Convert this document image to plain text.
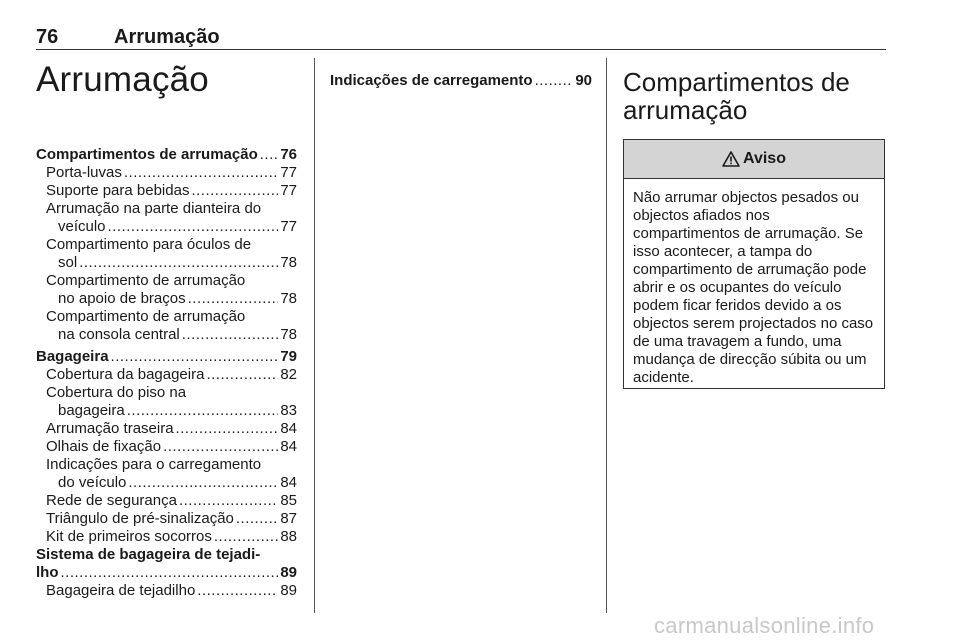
76	Arrumação
Arrumação
Compartimentos de arrumação ..... 76
Porta-luvas .....	77
Suporte para bebidas .....	77
Arrumação na parte dianteira do
veículo .....	77
Compartimento para óculos de
sol .....	78
Compartimento de arrumação
no apoio de braços .....	78
Compartimento de arrumação
na consola central .....	78
Bagageira .....	79
Cobertura da bagageira .....	82
Cobertura do piso na
bagageira .....	83
Arrumação traseira .....	84
Olhais de fixação .....	84
Indicações para o carregamento
do veículo .....	84
Rede de segurança .....	85
Triângulo de pré-sinalização .....	87
Kit de primeiros socorros .....	88
Sistema de bagageira de tejadi-
lho .....	89
Bagageira de tejadilho .....	89
Indicações de carregamento .....	90 Compartimentos de arrumação
Aviso

Não arrumar objectos pesados ou objectos afiados nos compartimentos de arrumação. Se isso acontecer, a tampa do compartimento de arrumação pode abrir e os ocupantes do veículo podem ficar feridos devido a os objectos serem projectados no caso de uma travagem a fundo, uma mudança de direcção súbita ou um acidente.

carmanualsonline.info
